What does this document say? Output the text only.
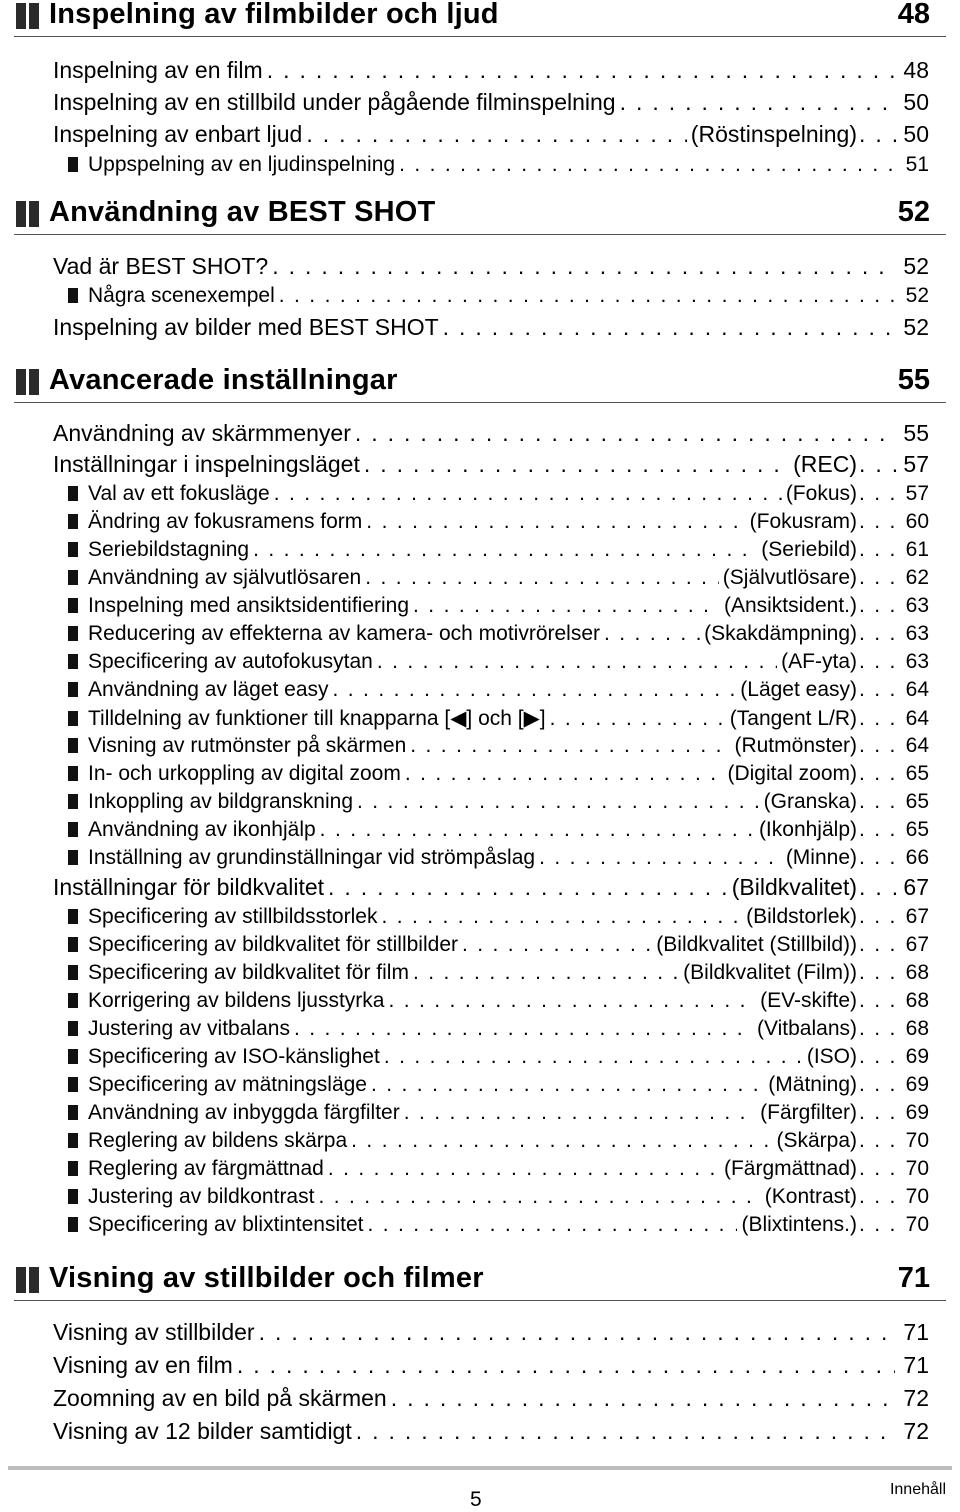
Inspelning av filmbilder och ljud	48
Inspelning av en film . . .	48
Inspelning av en stillbild under pågående filminspelning . . .	50
Inspelning av enbart ljud . . .	(Röstinspelning) . . . 50
Uppspelning av en ljudinspelning . . .	51
Användning av BEST SHOT	52
Vad är BEST SHOT? . . .	52
Några scenexempel . . .	52
Inspelning av bilder med BEST SHOT . . .	52
Avancerade inställningar	55
Användning av skärmmenyer . . .	55
Inställningar i inspelningsläget . . .	(REC) . . . 57
Val av ett fokusläge . . .	(Fokus) . . .	57
Ändring av fokusramens form . . .	(Fokusram) . . .	60
Seriebildstagning . . .	(Seriebild) . . .	61
Användning av självutlösaren . . .	(Självutlösare) . . .	62
Inspelning med ansiktsidentifiering . . .	(Ansiktsident.) . . .	63
Reducering av effekterna av kamera- och motivrörelser . . .	(Skakdämpning) . . .	63
Specificering av autofokusytan . . .	(AF-yta) . . .	63
Användning av läget easy . . .	(Läget easy) . . .	64
Tilldelning av funktioner till knapparna [◀] och [▶] . . .	(Tangent L/R) . . .	64
Visning av rutmönster på skärmen . . .	(Rutmönster) . . .	64
In- och urkoppling av digital zoom . . .	(Digital zoom) . . .	65
Inkoppling av bildgranskning . . .	(Granska) . . .	65
Användning av ikonhjälp . . .	(Ikonhjälp) . . .	65
Inställning av grundinställningar vid strömpåslag . . .	(Minne) . . .	66
Inställningar för bildkvalitet . . .	(Bildkvalitet) . . . 67
Specificering av stillbildsstorlek . . .	(Bildstorlek) . . .	67
Specificering av bildkvalitet för stillbilder . . .	(Bildkvalitet (Stillbild)) . . .	67
Specificering av bildkvalitet för film . . .	(Bildkvalitet (Film)) . . .	68
Korrigering av bildens ljusstyrka . . .	(EV-skifte) . . .	68
Justering av vitbalans . . .	(Vitbalans) . . .	68
Specificering av ISO-känslighet . . .	(ISO) . . .	69
Specificering av mätningsläge . . .	(Mätning) . . .	69
Användning av inbyggda färgfilter . . .	(Färgfilter) . . .	69
Reglering av bildens skärpa . . .	(Skärpa) . . .	70
Reglering av färgmättnad . . .	(Färgmättnad) . . .	70
Justering av bildkontrast . . .	(Kontrast) . . .	70
Specificering av blixtintensitet . . .	(Blixtintens.) . . .	70
Visning av stillbilder och filmer	71
Visning av stillbilder . . .	71
Visning av en film . . .	71
Zoomning av en bild på skärmen . . .	72
Visning av 12 bilder samtidigt . . .	72
5	Innehåll
